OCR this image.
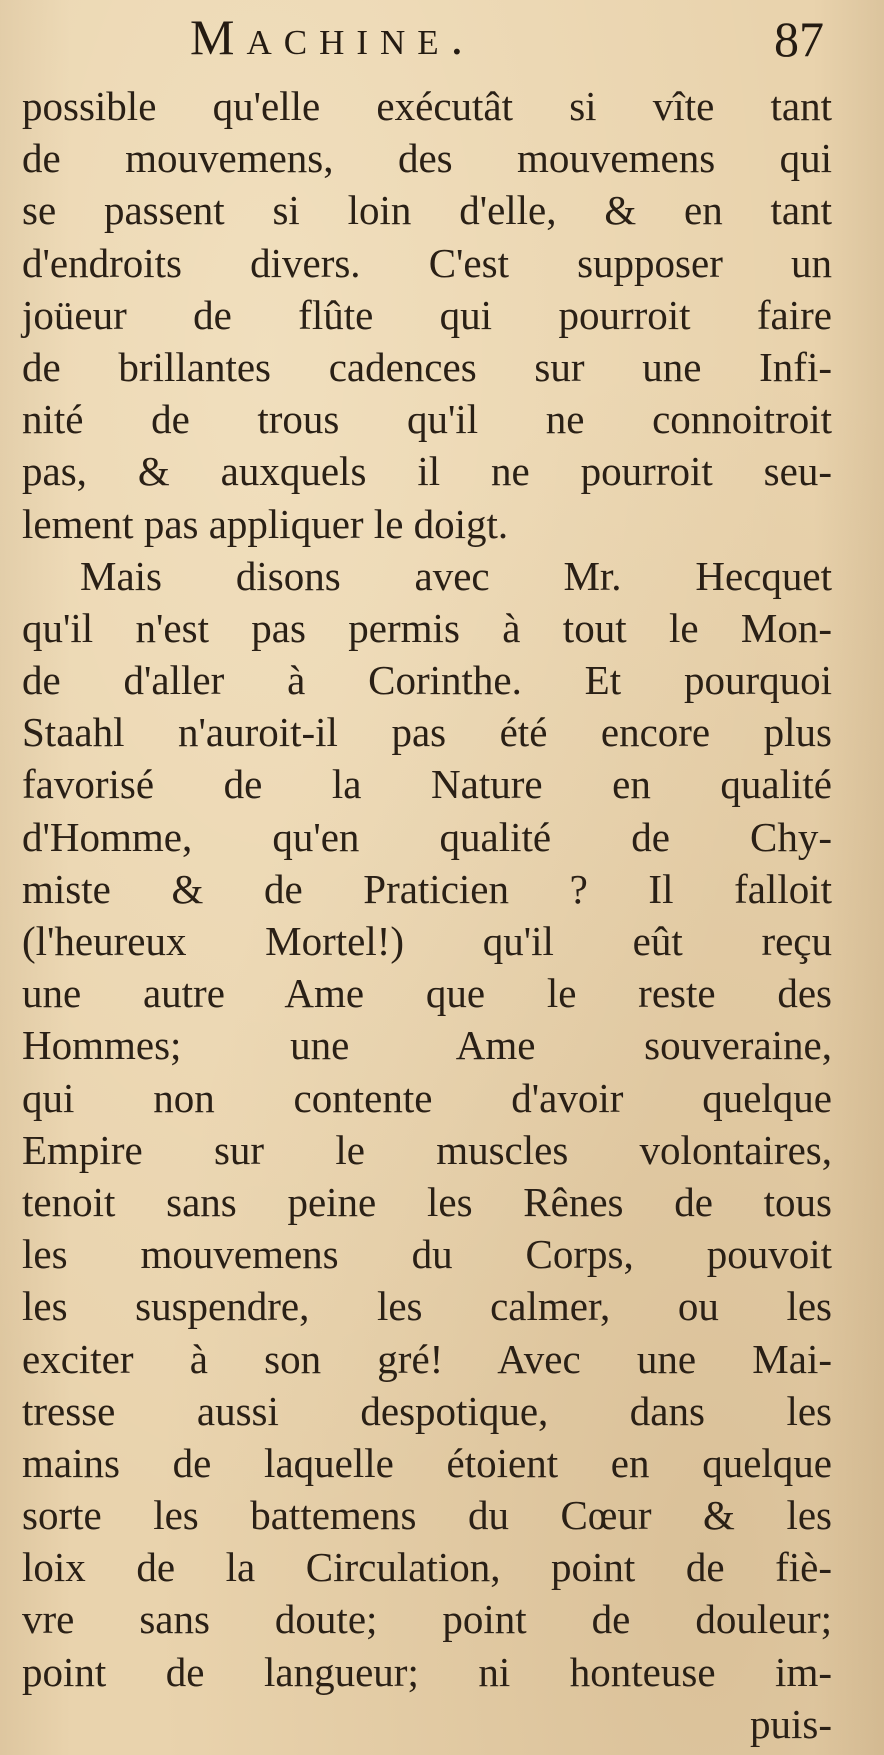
Machine.	87
possible qu'elle exécutât si vîte tant
de mouvemens, des mouvemens qui
se passent si loin d'elle, & en tant
d'endroits divers. C'est supposer un
joüeur de flûte qui pourroit faire
de brillantes cadences sur une Infi-
nité de trous qu'il ne connoitroit
pas, & auxquels il ne pourroit seu-
lement pas appliquer le doigt.
Mais disons avec Mr. Hecquet
qu'il n'est pas permis à tout le Mon-
de d'aller à Corinthe. Et pourquoi
Staahl n'auroit-il pas été encore plus
favorisé de la Nature en qualité
d'Homme, qu'en qualité de Chy-
miste & de Praticien ? Il falloit
(l'heureux Mortel!) qu'il eût reçu
une autre Ame que le reste des
Hommes; une Ame souveraine,
qui non contente d'avoir quelque
Empire sur le muscles volontaires,
tenoit sans peine les Rênes de tous
les mouvemens du Corps, pouvoit
les suspendre, les calmer, ou les
exciter à son gré! Avec une Mai-
tresse aussi despotique, dans les
mains de laquelle étoient en quelque
sorte les battemens du Cœur & les
loix de la Circulation, point de fiè-
vre sans doute; point de douleur;
point de langueur; ni honteuse im-
puis-
